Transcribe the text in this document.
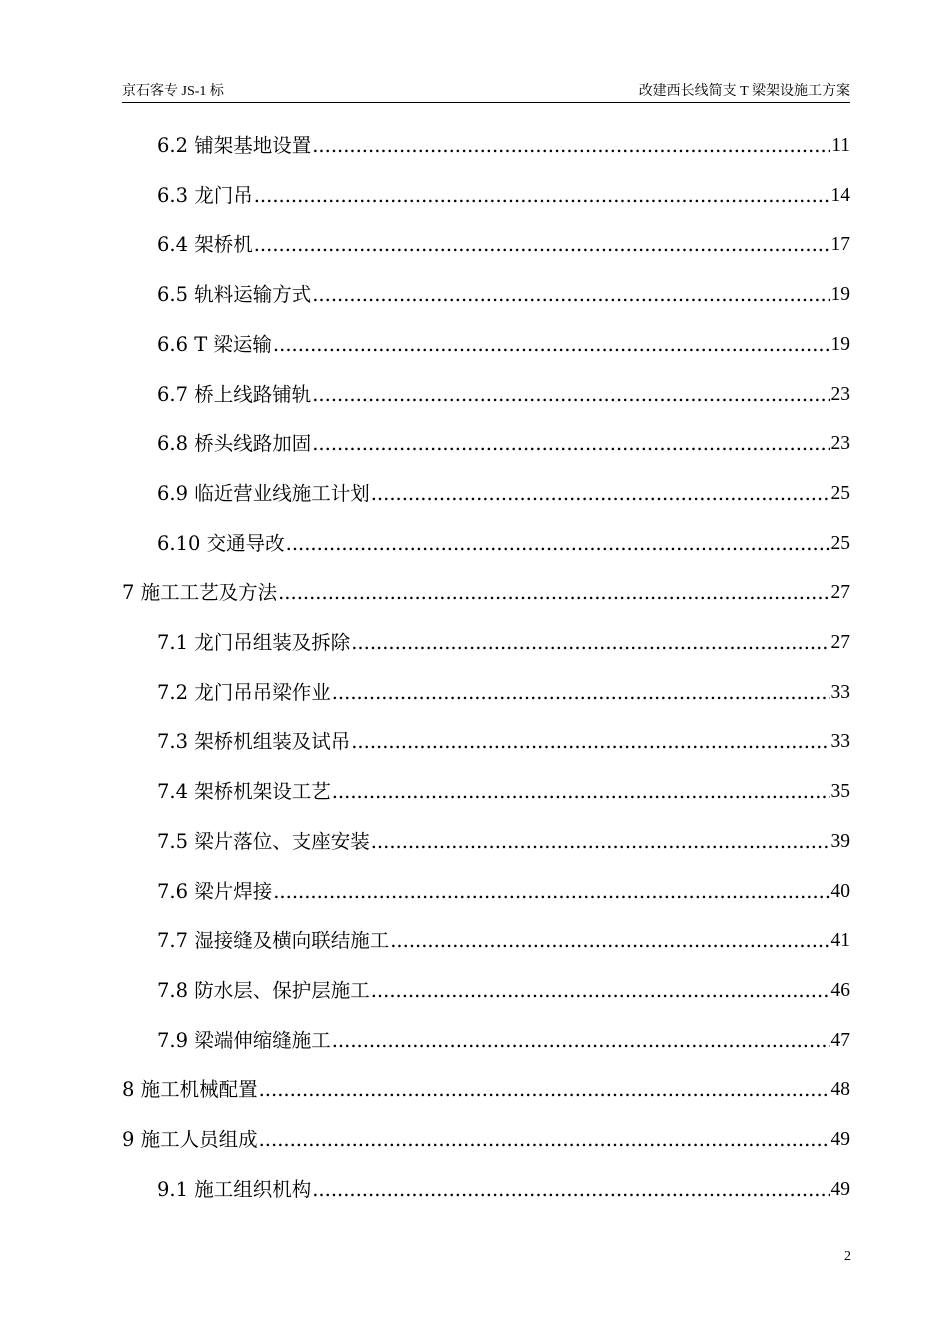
京石客专 JS-1 标	改建西长线简支 T 梁架设施工方案
6.2 铺架基地设置 .....	11
6.3 龙门吊 .....	14
6.4 架桥机 .....	17
6.5 轨料运输方式 .....	19
6.6 T 梁运输 .....	19
6.7 桥上线路铺轨 .....	23
6.8 桥头线路加固 .....	23
6.9 临近营业线施工计划 .....	25
6.10 交通导改 .....	25
7 施工工艺及方法 .....	27
7.1 龙门吊组装及拆除 .....	27
7.2 龙门吊吊梁作业 .....	33
7.3 架桥机组装及试吊 .....	33
7.4 架桥机架设工艺 .....	35
7.5 梁片落位、支座安装 .....	39
7.6 梁片焊接 .....	40
7.7 湿接缝及横向联结施工 .....	41
7.8 防水层、保护层施工 .....	46
7.9 梁端伸缩缝施工 .....	47
8 施工机械配置 .....	48
9 施工人员组成 .....	49
9.1 施工组织机构 .....	49
2
